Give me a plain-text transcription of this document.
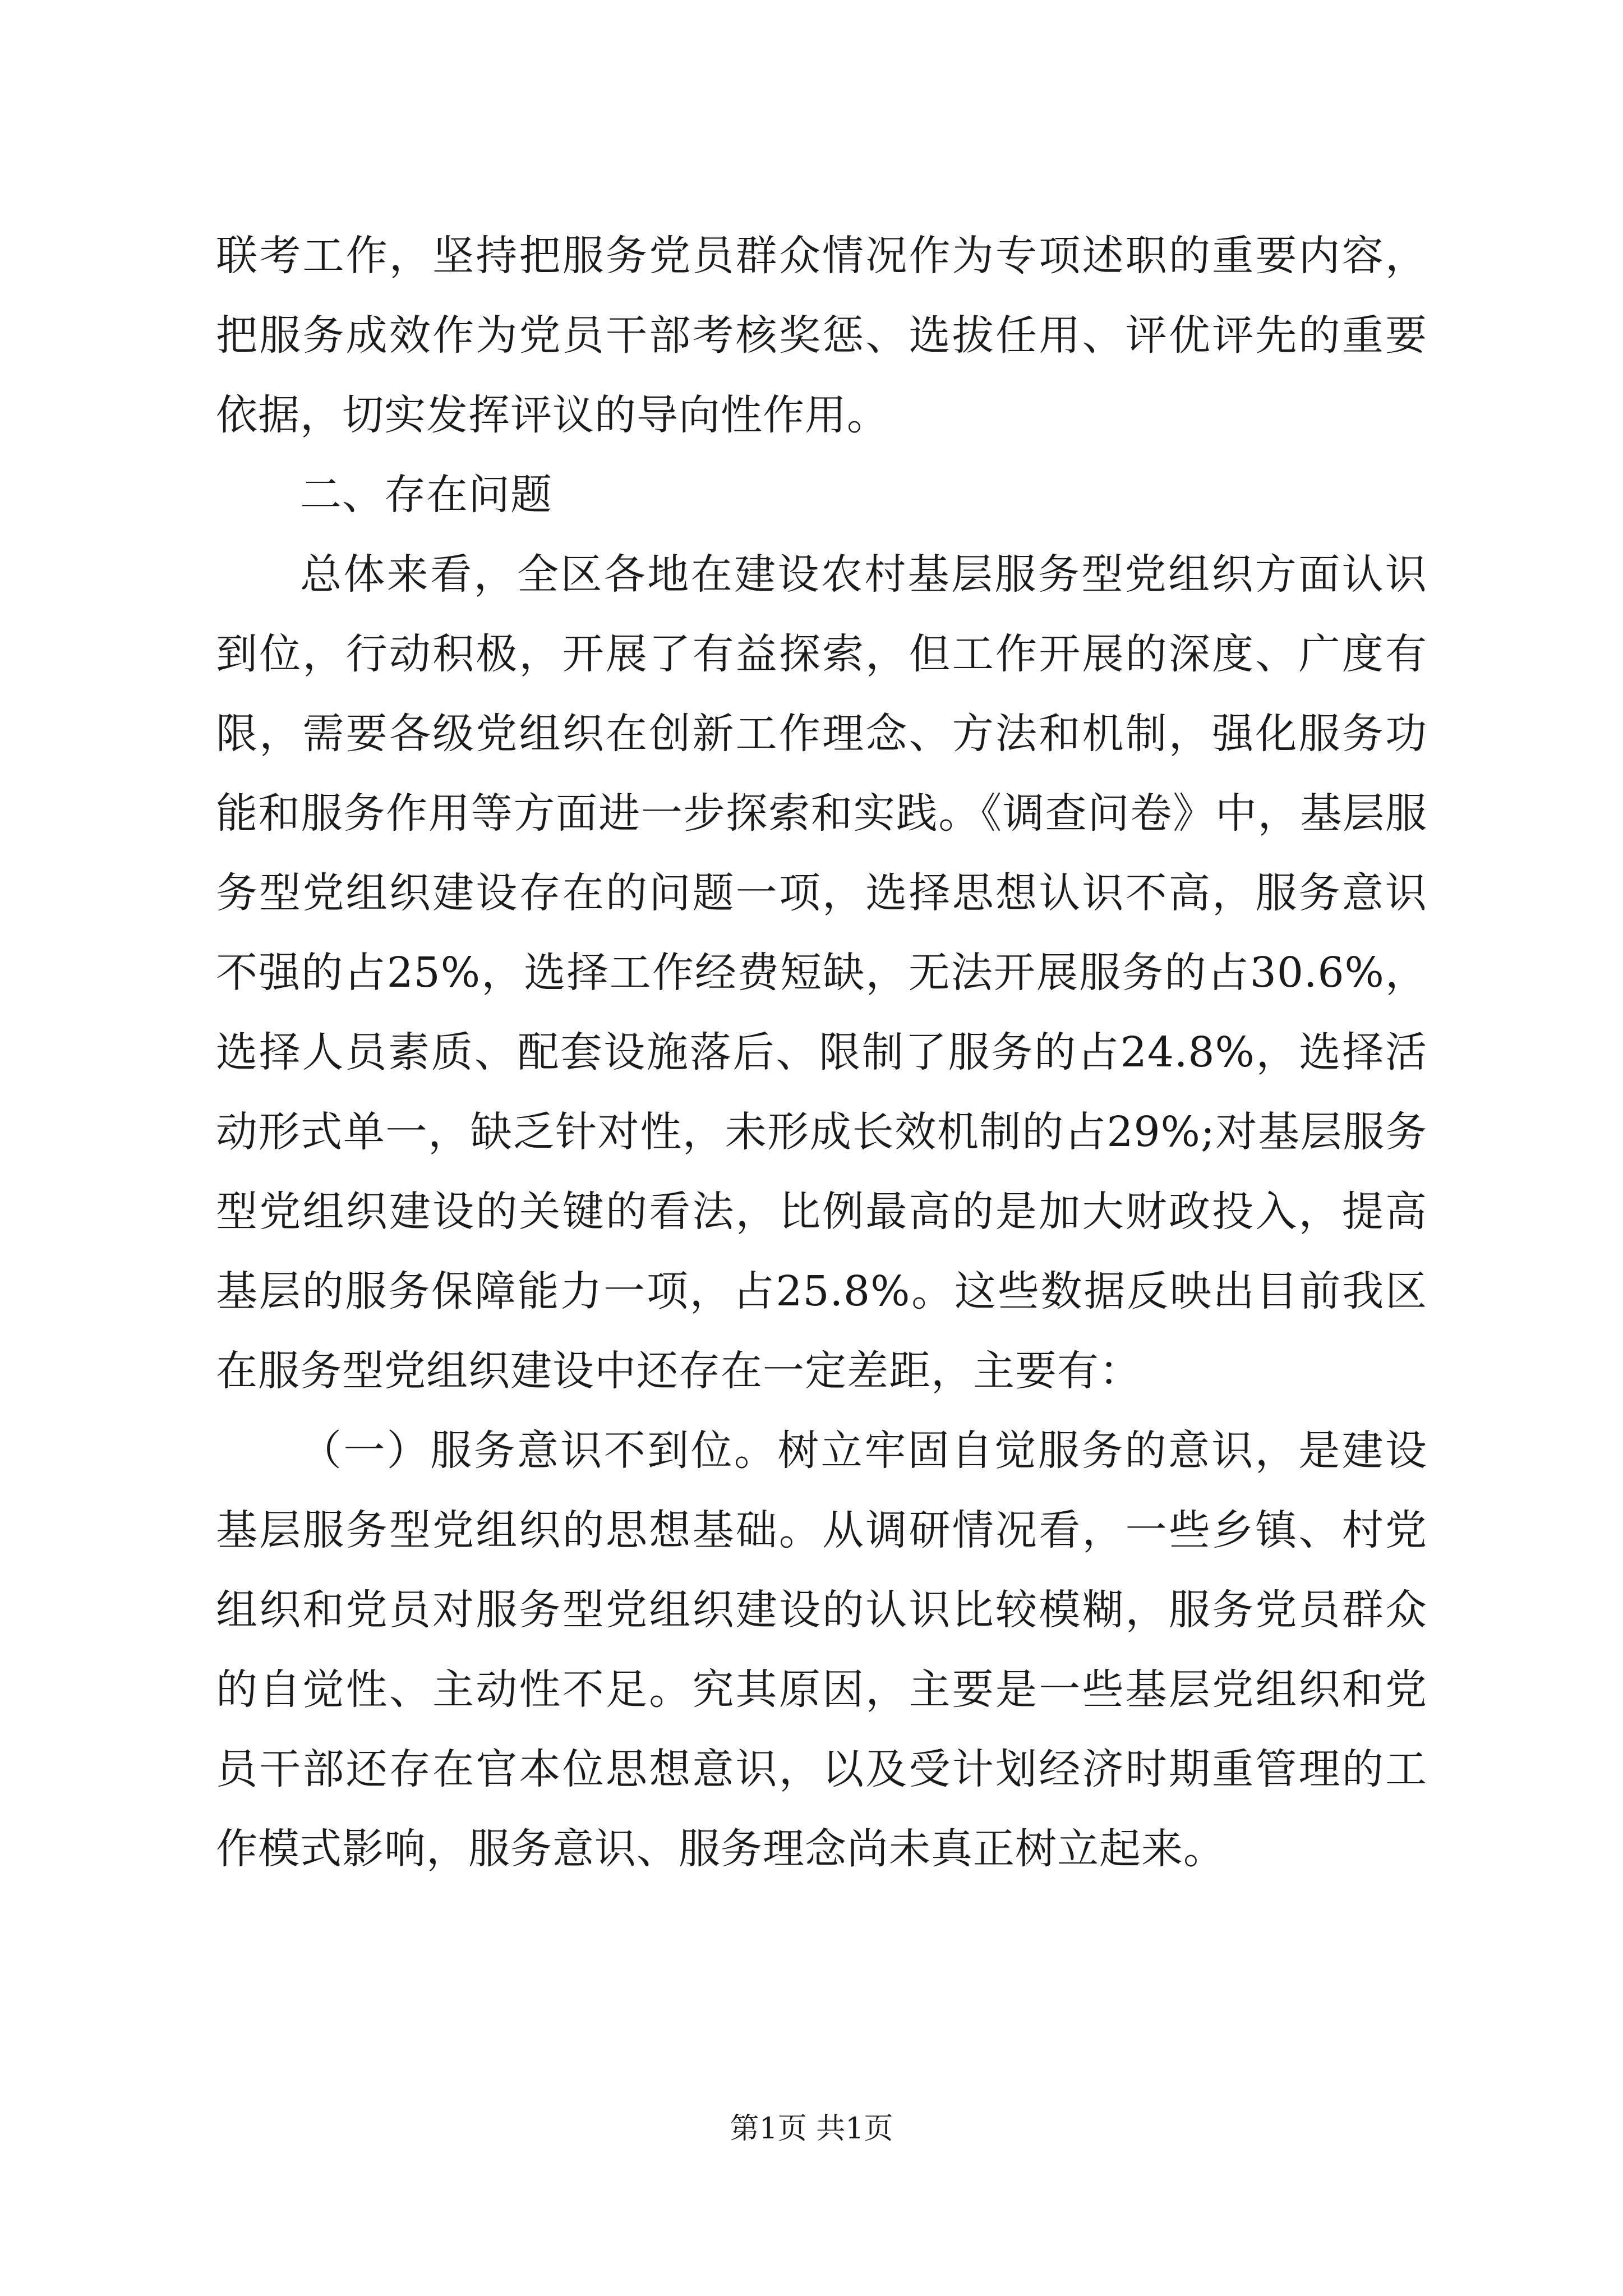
联考工作，坚持把服务党员群众情况作为专项述职的重要内容，把服务成效作为党员干部考核奖惩、选拔任用、评优评先的重要依据，切实发挥评议的导向性作用。

二、存在问题

总体来看，全区各地在建设农村基层服务型党组织方面认识到位，行动积极，开展了有益探索，但工作开展的深度、广度有限，需要各级党组织在创新工作理念、方法和机制，强化服务功能和服务作用等方面进一步探索和实践。《调查问卷》中，基层服务型党组织建设存在的问题一项，选择思想认识不高，服务意识不强的占25%，选择工作经费短缺，无法开展服务的占30.6%，选择人员素质、配套设施落后、限制了服务的占24.8%，选择活动形式单一，缺乏针对性，未形成长效机制的占29%;对基层服务型党组织建设的关键的看法，比例最高的是加大财政投入，提高基层的服务保障能力一项，占25.8%。这些数据反映出目前我区在服务型党组织建设中还存在一定差距，主要有：

（一）服务意识不到位。树立牢固自觉服务的意识，是建设基层服务型党组织的思想基础。从调研情况看，一些乡镇、村党组织和党员对服务型党组织建设的认识比较模糊，服务党员群众的自觉性、主动性不足。究其原因，主要是一些基层党组织和党员干部还存在官本位思想意识，以及受计划经济时期重管理的工作模式影响，服务意识、服务理念尚未真正树立起来。

第1页 共1页
